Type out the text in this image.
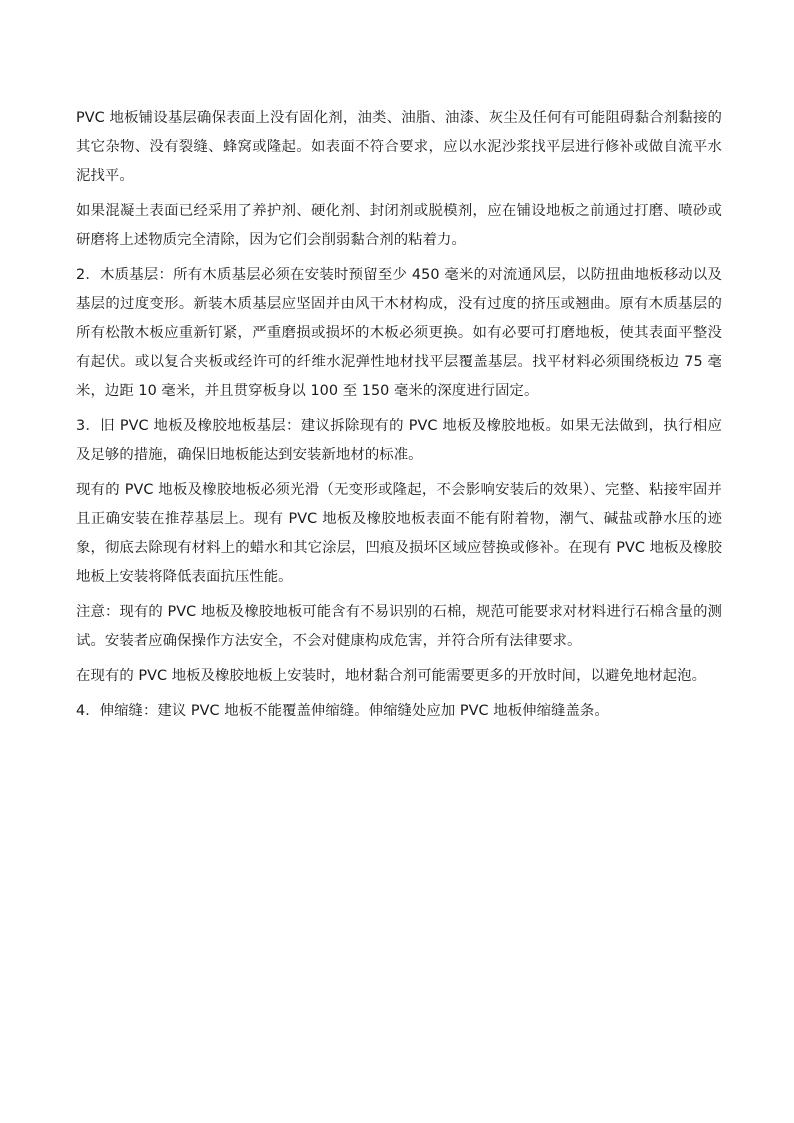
PVC 地板铺设基层确保表面上没有固化剂，油类、油脂、油漆、灰尘及任何有可能阻碍黏合剂黏接的其它杂物、没有裂缝、蜂窝或隆起。如表面不符合要求，应以水泥沙浆找平层进行修补或做自流平水泥找平。

如果混凝土表面已经采用了养护剂、硬化剂、封闭剂或脱模剂，应在铺设地板之前通过打磨、喷砂或研磨将上述物质完全清除，因为它们会削弱黏合剂的粘着力。

2．木质基层：所有木质基层必须在安装时预留至少 450 毫米的对流通风层，以防扭曲地板移动以及基层的过度变形。新装木质基层应坚固并由风干木材构成，没有过度的挤压或翘曲。原有木质基层的所有松散木板应重新钉紧，严重磨损或损坏的木板必须更换。如有必要可打磨地板，使其表面平整没有起伏。或以复合夹板或经许可的纤维水泥弹性地材找平层覆盖基层。找平材料必须围绕板边 75 毫米，边距 10 毫米，并且贯穿板身以 100 至 150 毫米的深度进行固定。

3．旧 PVC 地板及橡胶地板基层：建议拆除现有的 PVC 地板及橡胶地板。如果无法做到，执行相应及足够的措施，确保旧地板能达到安装新地材的标准。

现有的 PVC 地板及橡胶地板必须光滑（无变形或隆起，不会影响安装后的效果）、完整、粘接牢固并且正确安装在推荐基层上。现有 PVC 地板及橡胶地板表面不能有附着物，潮气、碱盐或静水压的迹象，彻底去除现有材料上的蜡水和其它涂层，凹痕及损坏区域应替换或修补。在现有 PVC 地板及橡胶地板上安装将降低表面抗压性能。

注意：现有的 PVC 地板及橡胶地板可能含有不易识别的石棉，规范可能要求对材料进行石棉含量的测试。安装者应确保操作方法安全，不会对健康构成危害，并符合所有法律要求。

在现有的 PVC 地板及橡胶地板上安装时，地材黏合剂可能需要更多的开放时间，以避免地材起泡。

4．伸缩缝：建议 PVC 地板不能覆盖伸缩缝。伸缩缝处应加 PVC 地板伸缩缝盖条。
